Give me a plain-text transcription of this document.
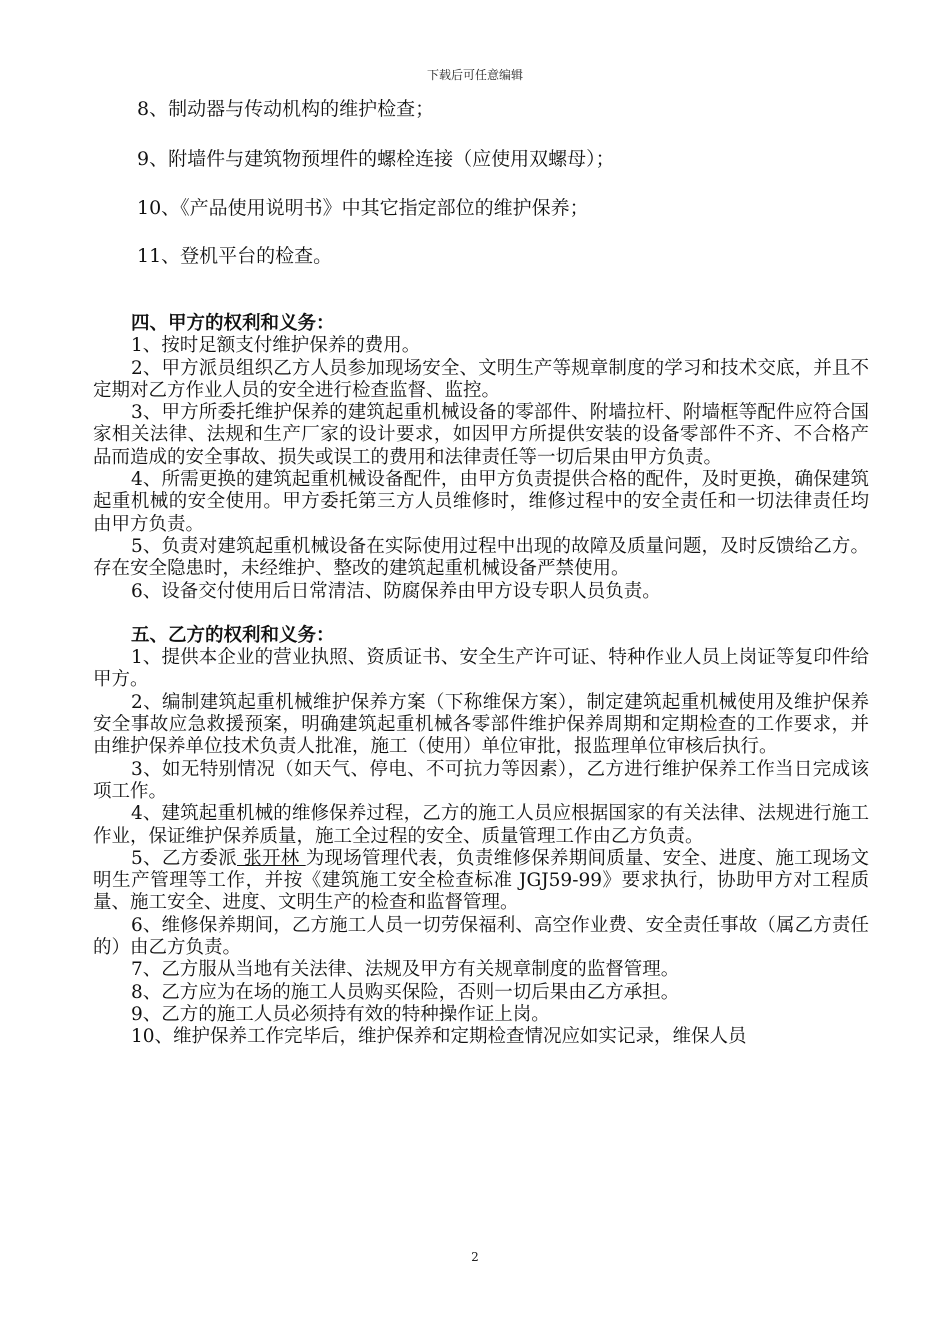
下载后可任意编辑
8、制动器与传动机构的维护检查；
9、附墙件与建筑物预埋件的螺栓连接（应使用双螺母）；
10、《产品使用说明书》中其它指定部位的维护保养；
11、登机平台的检查。

四、甲方的权利和义务：

1、按时足额支付维护保养的费用。

2、甲方派员组织乙方人员参加现场安全、文明生产等规章制度的学习和技术交底，并且不定期对乙方作业人员的安全进行检查监督、监控。

3、甲方所委托维护保养的建筑起重机械设备的零部件、附墙拉杆、附墙框等配件应符合国家相关法律、法规和生产厂家的设计要求，如因甲方所提供安装的设备零部件不齐、不合格产品而造成的安全事故、损失或误工的费用和法律责任等一切后果由甲方负责。

4、所需更换的建筑起重机械设备配件，由甲方负责提供合格的配件，及时更换，确保建筑起重机械的安全使用。甲方委托第三方人员维修时，维修过程中的安全责任和一切法律责任均由甲方负责。

5、负责对建筑起重机械设备在实际使用过程中出现的故障及质量问题，及时反馈给乙方。存在安全隐患时，未经维护、整改的建筑起重机械设备严禁使用。

6、设备交付使用后日常清洁、防腐保养由甲方设专职人员负责。

五、乙方的权利和义务：

1、提供本企业的营业执照、资质证书、安全生产许可证、特种作业人员上岗证等复印件给甲方。

2、编制建筑起重机械维护保养方案（下称维保方案），制定建筑起重机械使用及维护保养安全事故应急救援预案，明确建筑起重机械各零部件维护保养周期和定期检查的工作要求，并由维护保养单位技术负责人批准，施工（使用）单位审批，报监理单位审核后执行。

3、如无特别情况（如天气、停电、不可抗力等因素），乙方进行维护保养工作当日完成该项工作。

4、建筑起重机械的维修保养过程，乙方的施工人员应根据国家的有关法律、法规进行施工作业，保证维护保养质量，施工全过程的安全、质量管理工作由乙方负责。

5、乙方委派 张开林 为现场管理代表，负责维修保养期间质量、安全、进度、施工现场文明生产管理等工作，并按《建筑施工安全检查标准 JGJ59-99》要求执行，协助甲方对工程质量、施工安全、进度、文明生产的检查和监督管理。

6、维修保养期间，乙方施工人员一切劳保福利、高空作业费、安全责任事故（属乙方责任的）由乙方负责。

7、乙方服从当地有关法律、法规及甲方有关规章制度的监督管理。

8、乙方应为在场的施工人员购买保险，否则一切后果由乙方承担。

9、乙方的施工人员必须持有效的特种操作证上岗。

10、维护保养工作完毕后，维护保养和定期检查情况应如实记录，维保人员

2
